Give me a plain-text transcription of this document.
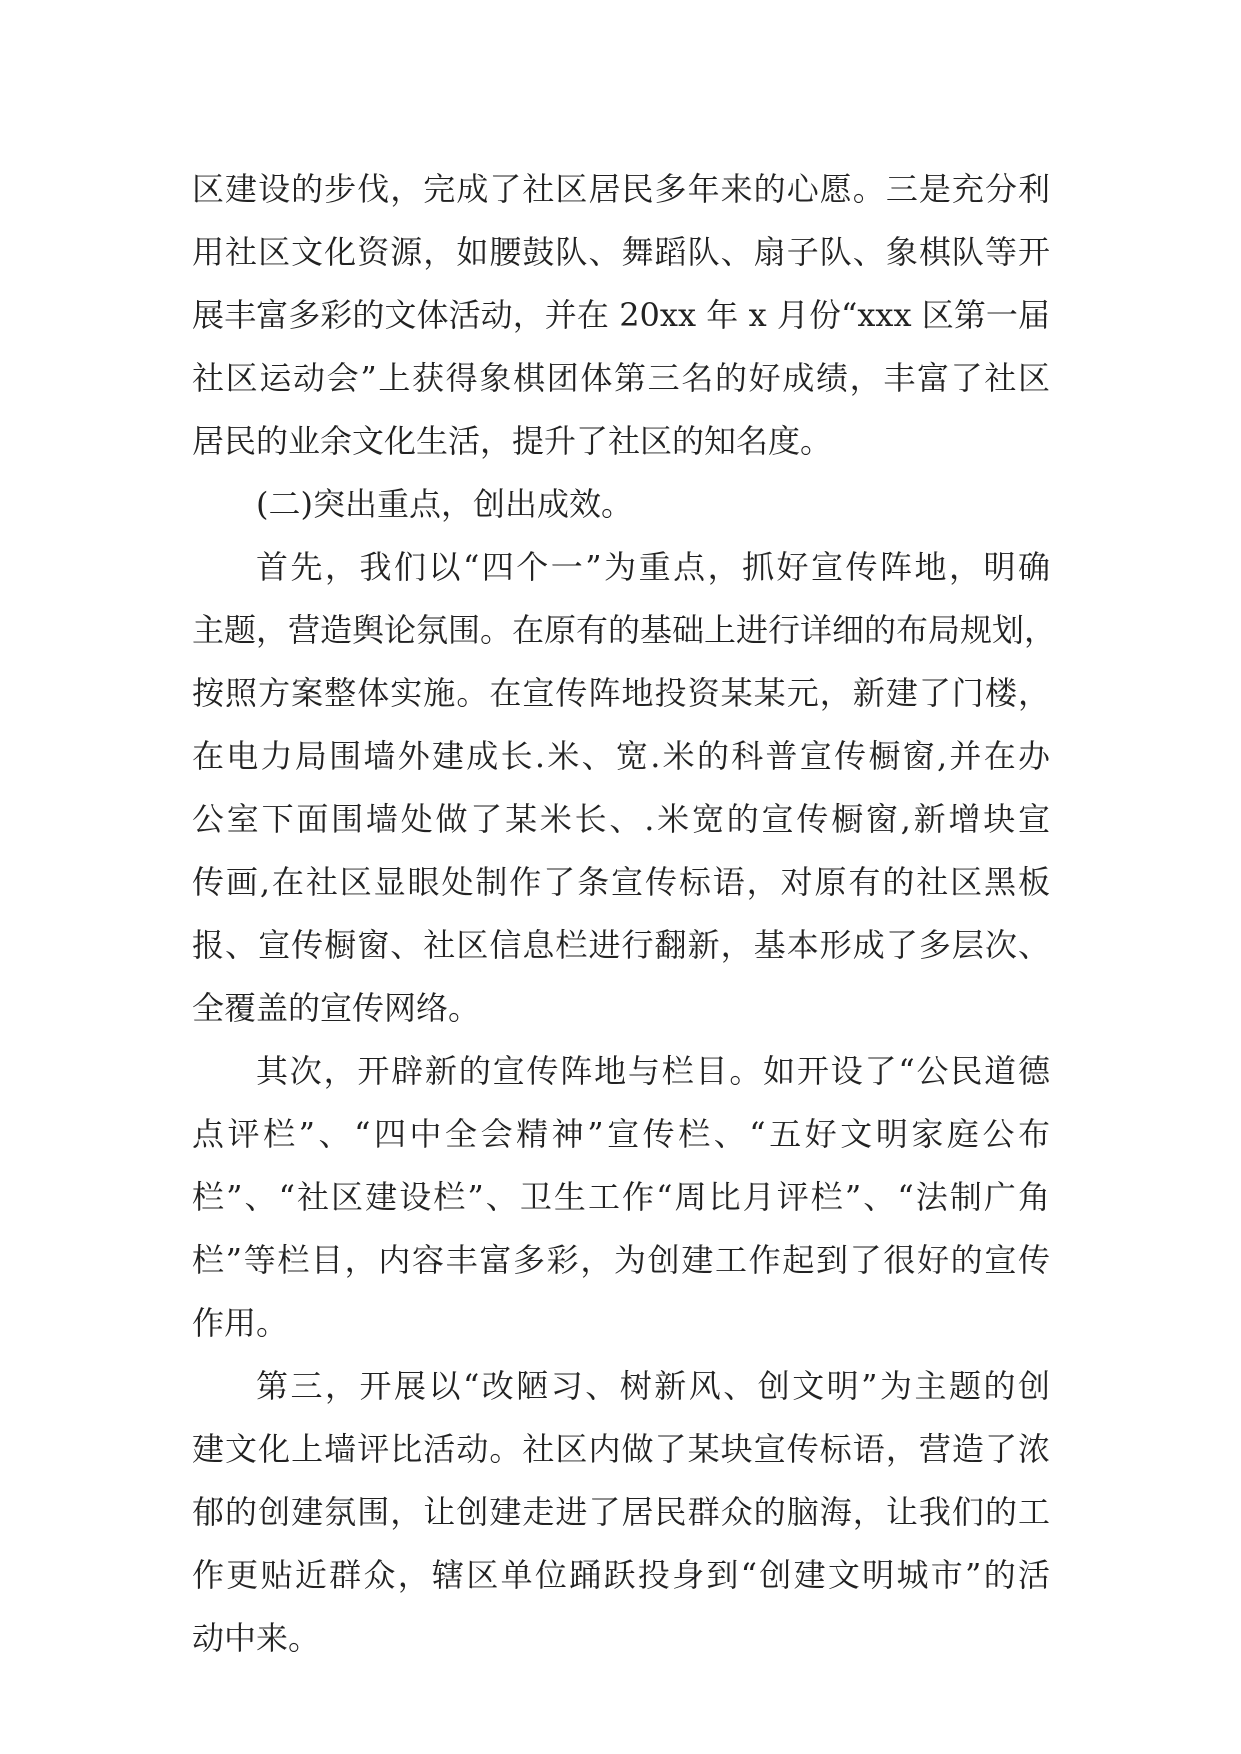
区建设的步伐，完成了社区居民多年来的心愿。三是充分利
用社区文化资源，如腰鼓队、舞蹈队、扇子队、象棋队等开
展丰富多彩的文体活动，并在 20xx 年 x 月份“xxx 区第一届
社区运动会”上获得象棋团体第三名的好成绩，丰富了社区
居民的业余文化生活，提升了社区的知名度。
(二)突出重点，创出成效。
首先，我们以“四个一”为重点，抓好宣传阵地，明确
主题，营造舆论氛围。在原有的基础上进行详细的布局规划，
按照方案整体实施。在宣传阵地投资某某元，新建了门楼，
在电力局围墙外建成长.米、宽.米的科普宣传橱窗,并在办
公室下面围墙处做了某米长、.米宽的宣传橱窗,新增块宣
传画,在社区显眼处制作了条宣传标语，对原有的社区黑板
报、宣传橱窗、社区信息栏进行翻新，基本形成了多层次、
全覆盖的宣传网络。
其次，开辟新的宣传阵地与栏目。如开设了“公民道德
点评栏”、“四中全会精神”宣传栏、“五好文明家庭公布
栏”、“社区建设栏”、卫生工作“周比月评栏”、“法制广角
栏”等栏目，内容丰富多彩，为创建工作起到了很好的宣传
作用。
第三，开展以“改陋习、树新风、创文明”为主题的创
建文化上墙评比活动。社区内做了某块宣传标语，营造了浓
郁的创建氛围，让创建走进了居民群众的脑海，让我们的工
作更贴近群众，辖区单位踊跃投身到“创建文明城市”的活
动中来。
